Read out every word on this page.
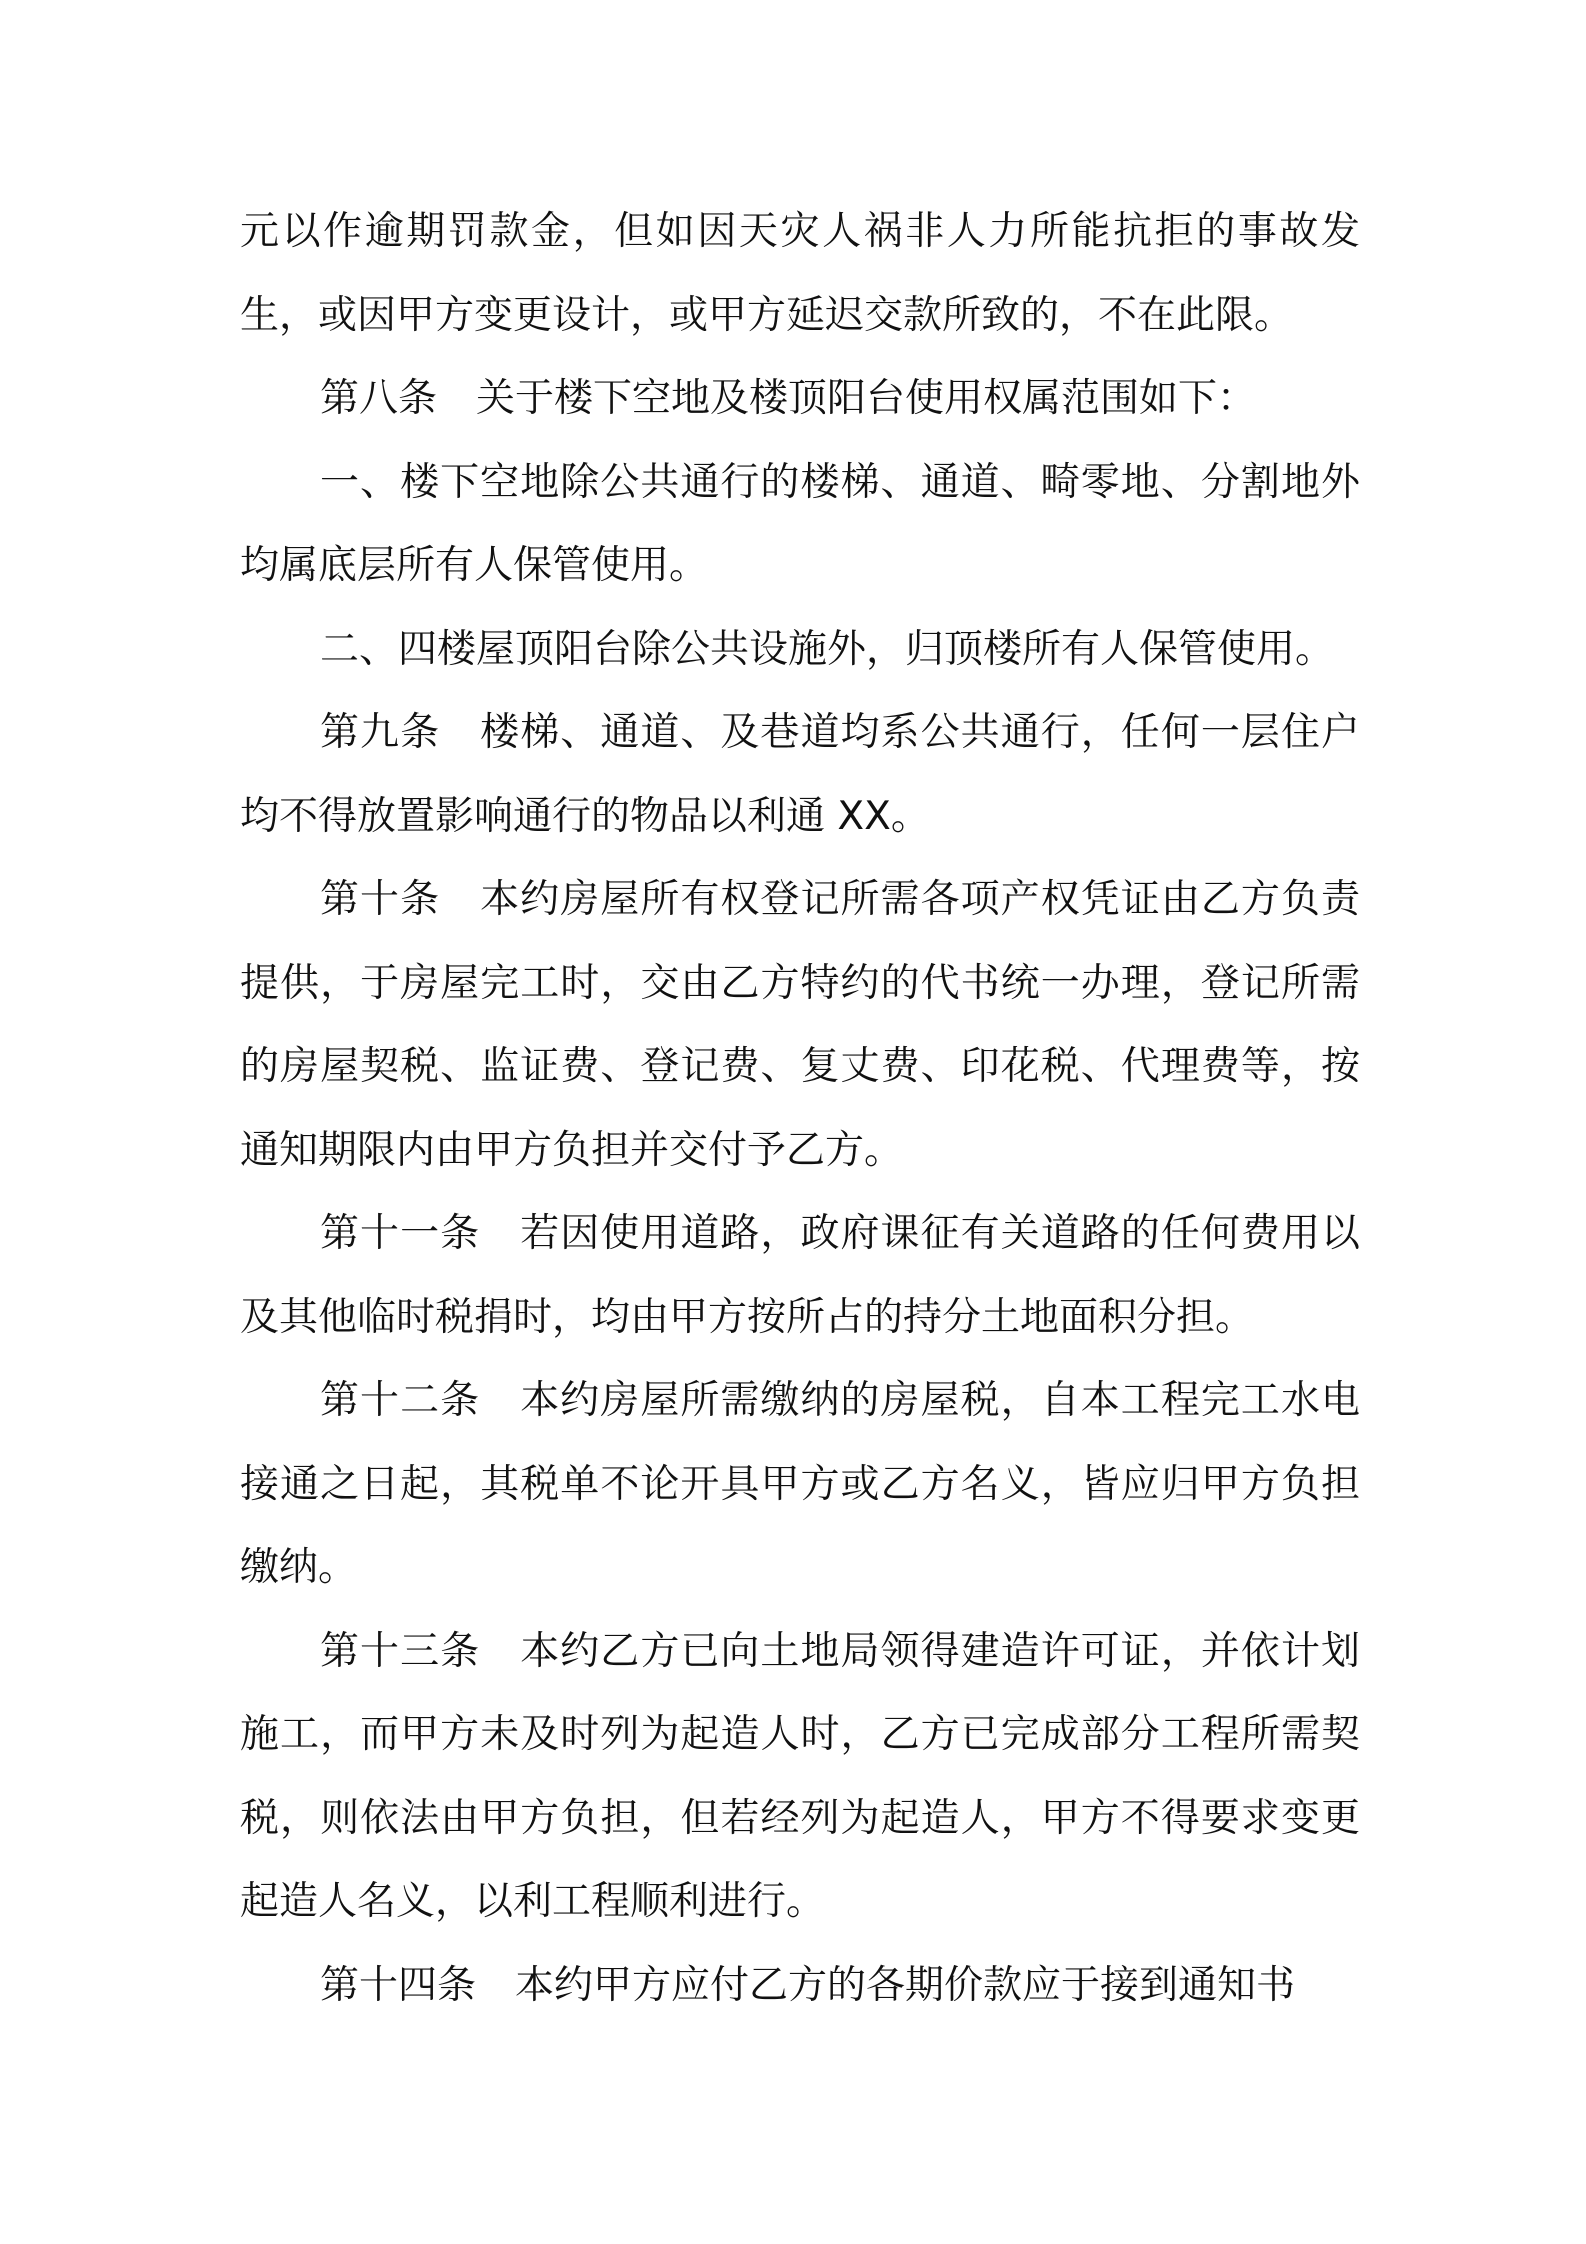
元以作逾期罚款金，但如因天灾人祸非人力所能抗拒的事故发生，或因甲方变更设计，或甲方延迟交款所致的，不在此限。

第八条　关于楼下空地及楼顶阳台使用权属范围如下：

一、楼下空地除公共通行的楼梯、通道、畸零地、分割地外均属底层所有人保管使用。

二、四楼屋顶阳台除公共设施外，归顶楼所有人保管使用。

第九条　楼梯、通道、及巷道均系公共通行，任何一层住户均不得放置影响通行的物品以利通 XX。

第十条　本约房屋所有权登记所需各项产权凭证由乙方负责提供，于房屋完工时，交由乙方特约的代书统一办理，登记所需的房屋契税、监证费、登记费、复丈费、印花税、代理费等，按通知期限内由甲方负担并交付予乙方。

第十一条　若因使用道路，政府课征有关道路的任何费用以及其他临时税捐时，均由甲方按所占的持分土地面积分担。

第十二条　本约房屋所需缴纳的房屋税，自本工程完工水电接通之日起，其税单不论开具甲方或乙方名义，皆应归甲方负担缴纳。

第十三条　本约乙方已向土地局领得建造许可证，并依计划施工，而甲方未及时列为起造人时，乙方已完成部分工程所需契税，则依法由甲方负担，但若经列为起造人，甲方不得要求变更起造人名义，以利工程顺利进行。

第十四条　本约甲方应付乙方的各期价款应于接到通知书
